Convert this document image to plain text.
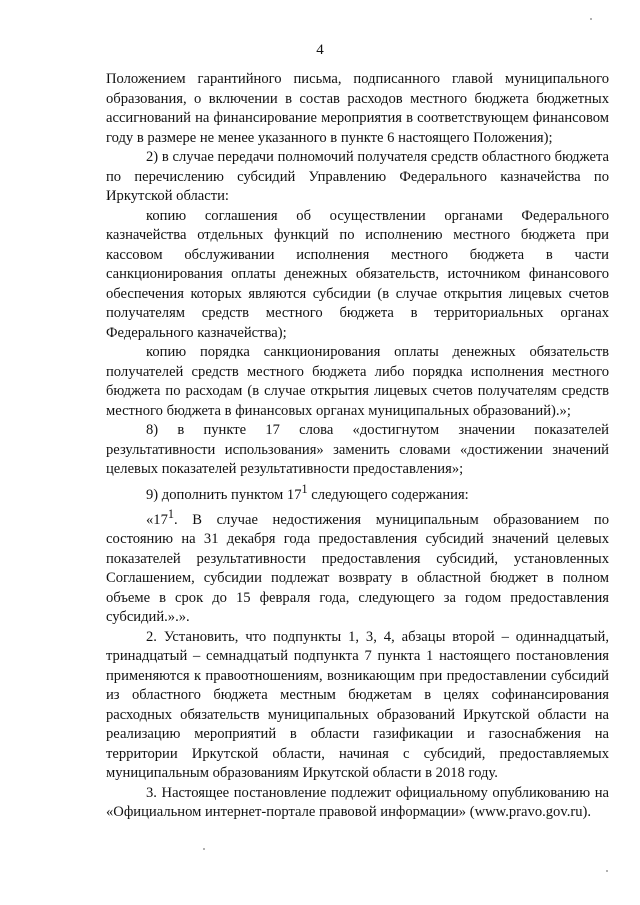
4

Положением гарантийного письма, подписанного главой муниципального образования, о включении в состав расходов местного бюджета бюджетных ассигнований на финансирование мероприятия в соответствующем финансовом году в размере не менее указанного в пункте 6 настоящего Положения);

2) в случае передачи полномочий получателя средств областного бюджета по перечислению субсидий Управлению Федерального казначейства по Иркутской области:

копию соглашения об осуществлении органами Федерального казначейства отдельных функций по исполнению местного бюджета при кассовом обслуживании исполнения местного бюджета в части санкционирования оплаты денежных обязательств, источником финансового обеспечения которых являются субсидии (в случае открытия лицевых счетов получателям средств местного бюджета в территориальных органах Федерального казначейства);

копию порядка санкционирования оплаты денежных обязательств получателей средств местного бюджета либо порядка исполнения местного бюджета по расходам (в случае открытия лицевых счетов получателям средств местного бюджета в финансовых органах муниципальных образований).»;

8) в пункте 17 слова «достигнутом значении показателей результативности использования» заменить словами «достижении значений целевых показателей результативности предоставления»;

9) дополнить пунктом $17^1$ следующего содержания:

«$17^1$. В случае недостижения муниципальным образованием по состоянию на 31 декабря года предоставления субсидий значений целевых показателей результативности предоставления субсидий, установленных Соглашением, субсидии подлежат возврату в областной бюджет в полном объеме в срок до 15 февраля года, следующего за годом предоставления субсидий.».».

2. Установить, что подпункты 1, 3, 4, абзацы второй – одиннадцатый, тринадцатый – семнадцатый подпункта 7 пункта 1 настоящего постановления применяются к правоотношениям, возникающим при предоставлении субсидий из областного бюджета местным бюджетам в целях софинансирования расходных обязательств муниципальных образований Иркутской области на реализацию мероприятий в области газификации и газоснабжения на территории Иркутской области, начиная с субсидий, предоставляемых муниципальным образованиям Иркутской области в 2018 году.

3. Настоящее постановление подлежит официальному опубликованию на «Официальном интернет-портале правовой информации» (www.pravo.gov.ru).
